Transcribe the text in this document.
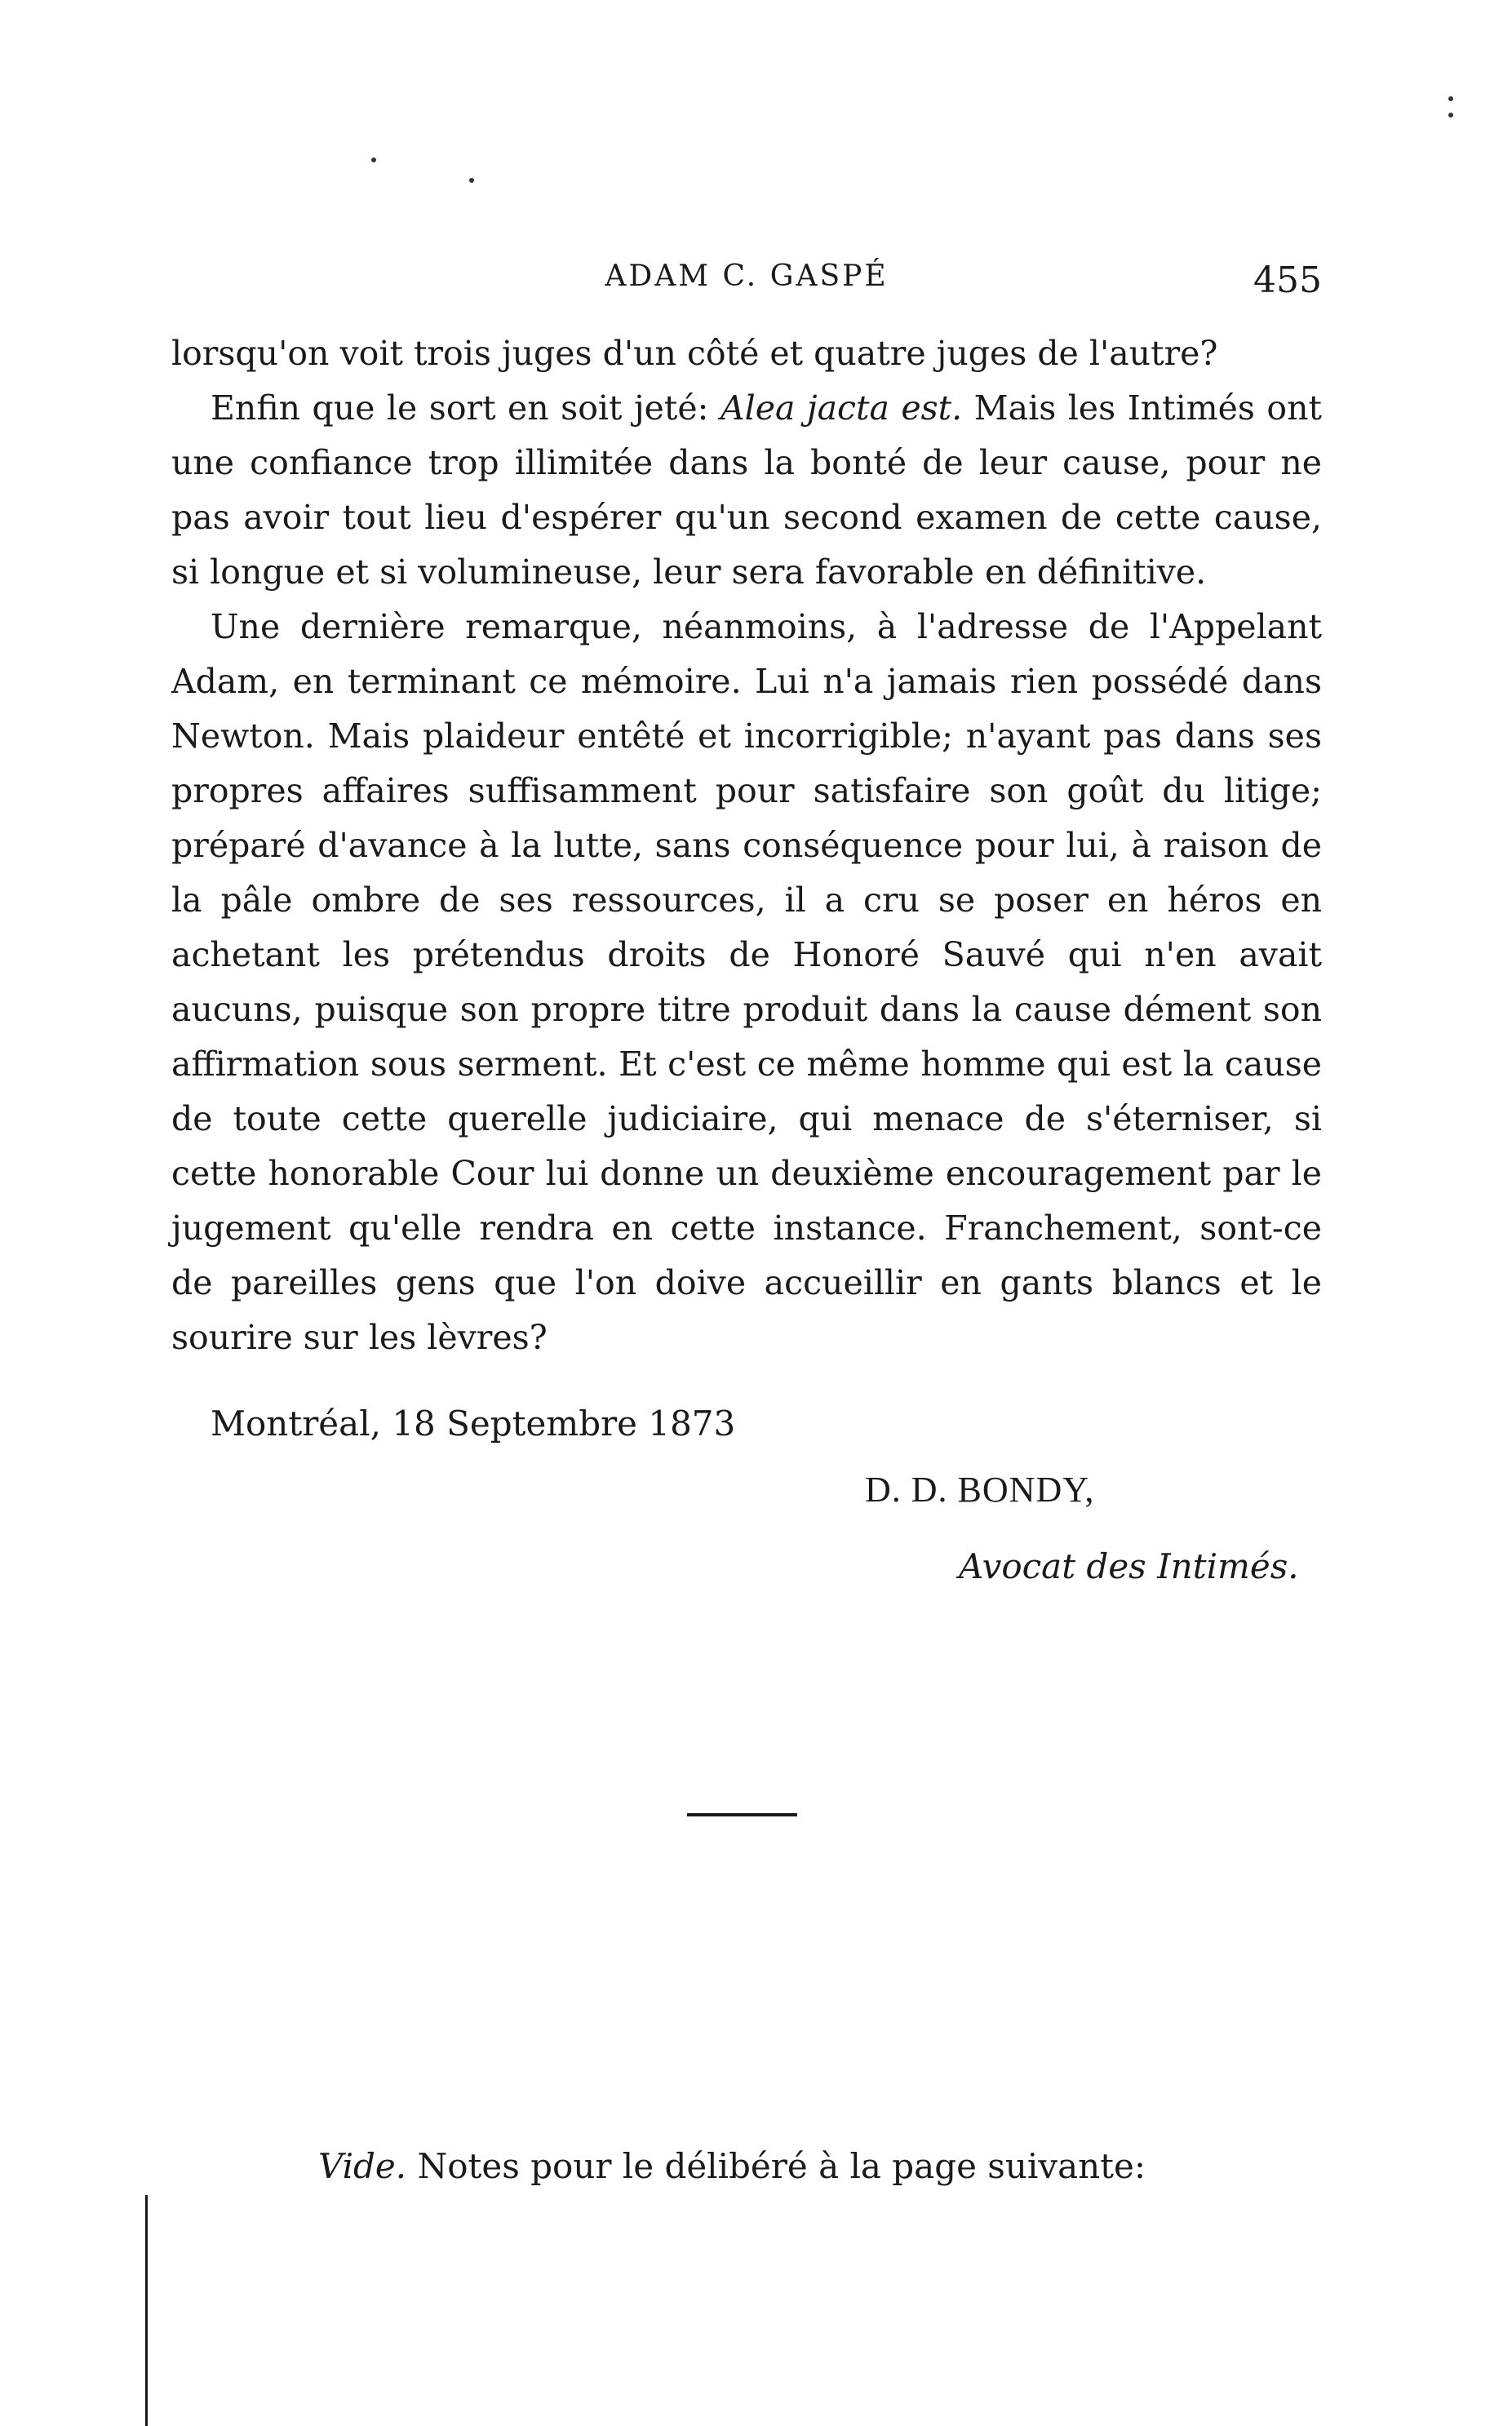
ADAM C. GASPÉ	455

lorsqu'on voit trois juges d'un côté et quatre juges de l'autre?

Enfin que le sort en soit jeté: Alea jacta est. Mais les Intimés ont une confiance trop illimitée dans la bonté de leur cause, pour ne pas avoir tout lieu d'espérer qu'un second examen de cette cause, si longue et si volumineuse, leur sera favorable en définitive.

Une dernière remarque, néanmoins, à l'adresse de l'Appelant Adam, en terminant ce mémoire. Lui n'a jamais rien possédé dans Newton. Mais plaideur entêté et incorrigible; n'ayant pas dans ses propres affaires suffisamment pour satisfaire son goût du litige; préparé d'avance à la lutte, sans conséquence pour lui, à raison de la pâle ombre de ses ressources, il a cru se poser en héros en achetant les prétendus droits de Honoré Sauvé qui n'en avait aucuns, puisque son propre titre produit dans la cause dément son affirmation sous serment. Et c'est ce même homme qui est la cause de toute cette querelle judiciaire, qui menace de s'éterniser, si cette honorable Cour lui donne un deuxième encouragement par le jugement qu'elle rendra en cette instance. Franchement, sont-ce de pareilles gens que l'on doive accueillir en gants blancs et le sourire sur les lèvres?

Montréal, 18 Septembre 1873
D. D. BONDY,
Avocat des Intimés.
Vide. Notes pour le délibéré à la page suivante:
